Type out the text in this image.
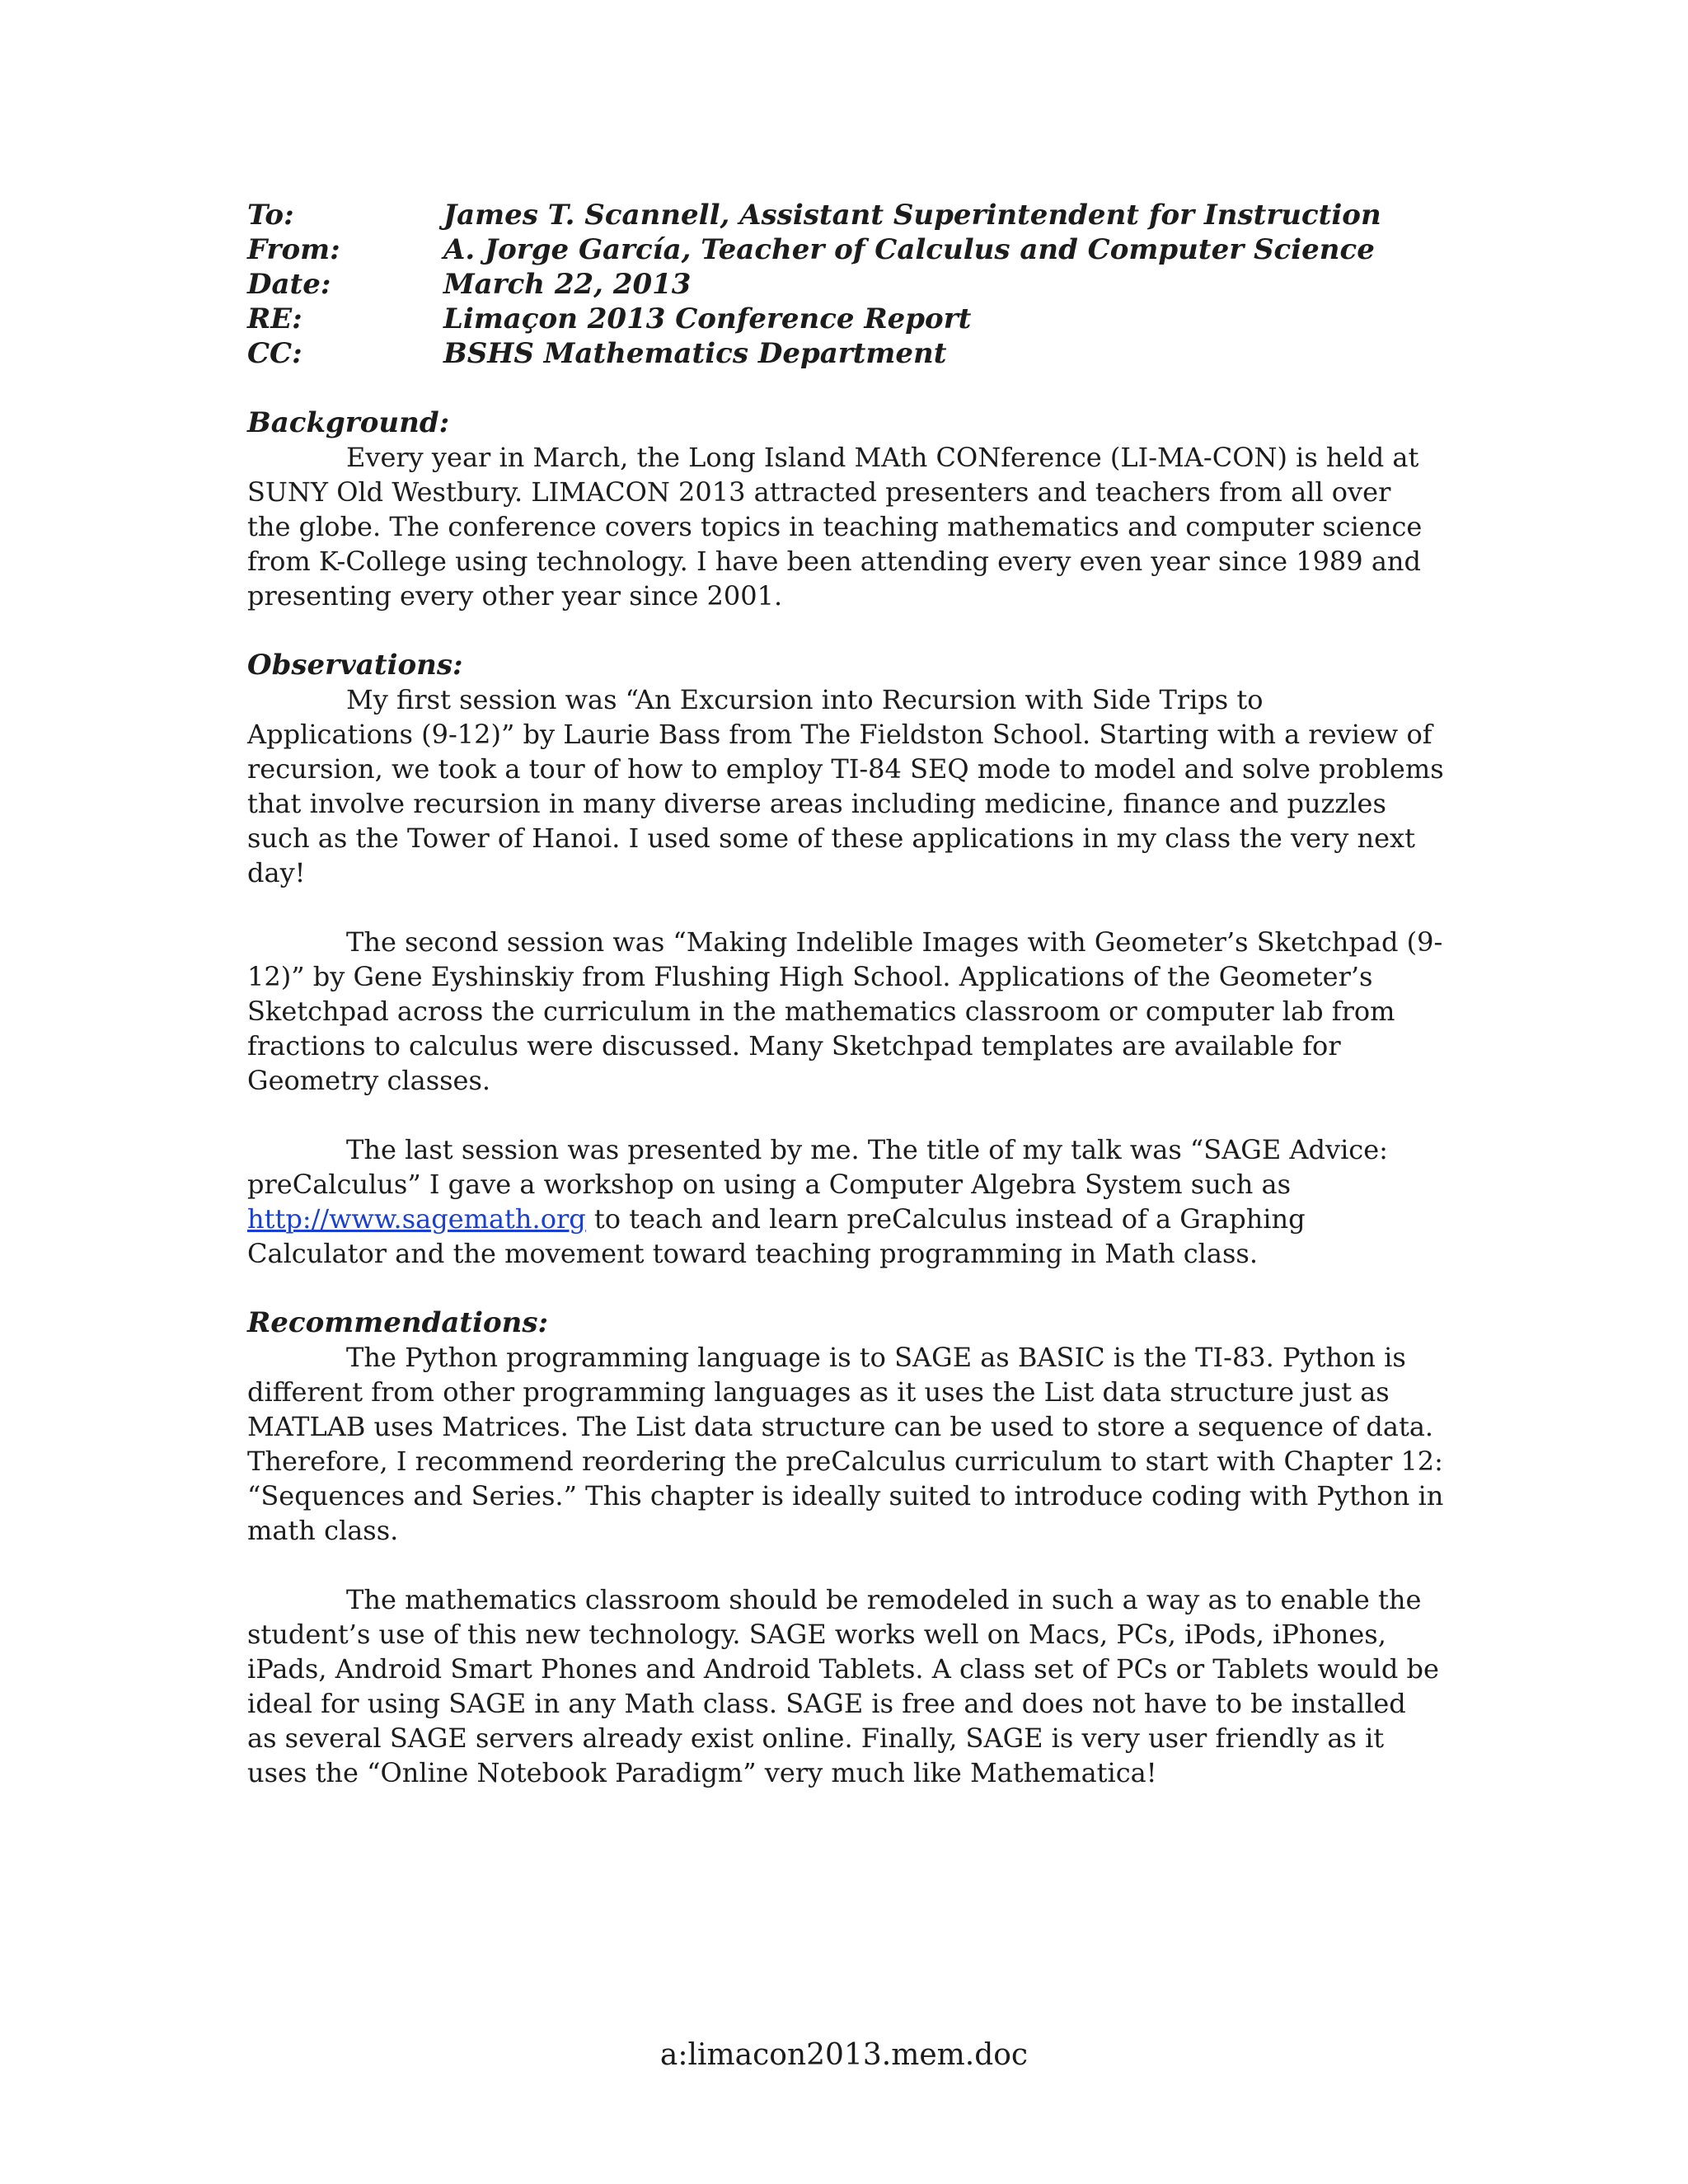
To:	James T. Scannell, Assistant Superintendent for Instruction
From:	A. Jorge García, Teacher of Calculus and Computer Science
Date:	March 22, 2013
RE:	Limaçon 2013 Conference Report
CC:	BSHS Mathematics Department
Background:

Every year in March, the Long Island MAth CONference (LI-MA-CON) is held at
SUNY Old Westbury. LIMACON 2013 attracted presenters and teachers from all over
the globe. The conference covers topics in teaching mathematics and computer science
from K-College using technology. I have been attending every even year since 1989 and
presenting every other year since 2001.

Observations:

My first session was “An Excursion into Recursion with Side Trips to
Applications (9-12)” by Laurie Bass from The Fieldston School. Starting with a review of
recursion, we took a tour of how to employ TI-84 SEQ mode to model and solve problems
that involve recursion in many diverse areas including medicine, finance and puzzles
such as the Tower of Hanoi. I used some of these applications in my class the very next
day!

The second session was “Making Indelible Images with Geometer’s Sketchpad (9-
12)” by Gene Eyshinskiy from Flushing High School. Applications of the Geometer’s
Sketchpad across the curriculum in the mathematics classroom or computer lab from
fractions to calculus were discussed. Many Sketchpad templates are available for
Geometry classes.

The last session was presented by me. The title of my talk was “SAGE Advice:
preCalculus” I gave a workshop on using a Computer Algebra System such as
http://www.sagemath.org to teach and learn preCalculus instead of a Graphing
Calculator and the movement toward teaching programming in Math class.

Recommendations:

The Python programming language is to SAGE as BASIC is the TI-83. Python is
different from other programming languages as it uses the List data structure just as
MATLAB uses Matrices. The List data structure can be used to store a sequence of data.
Therefore, I recommend reordering the preCalculus curriculum to start with Chapter 12:
“Sequences and Series.” This chapter is ideally suited to introduce coding with Python in
math class.

The mathematics classroom should be remodeled in such a way as to enable the
student’s use of this new technology. SAGE works well on Macs, PCs, iPods, iPhones,
iPads, Android Smart Phones and Android Tablets. A class set of PCs or Tablets would be
ideal for using SAGE in any Math class. SAGE is free and does not have to be installed
as several SAGE servers already exist online. Finally, SAGE is very user friendly as it
uses the “Online Notebook Paradigm” very much like Mathematica!

a:limacon2013.mem.doc
